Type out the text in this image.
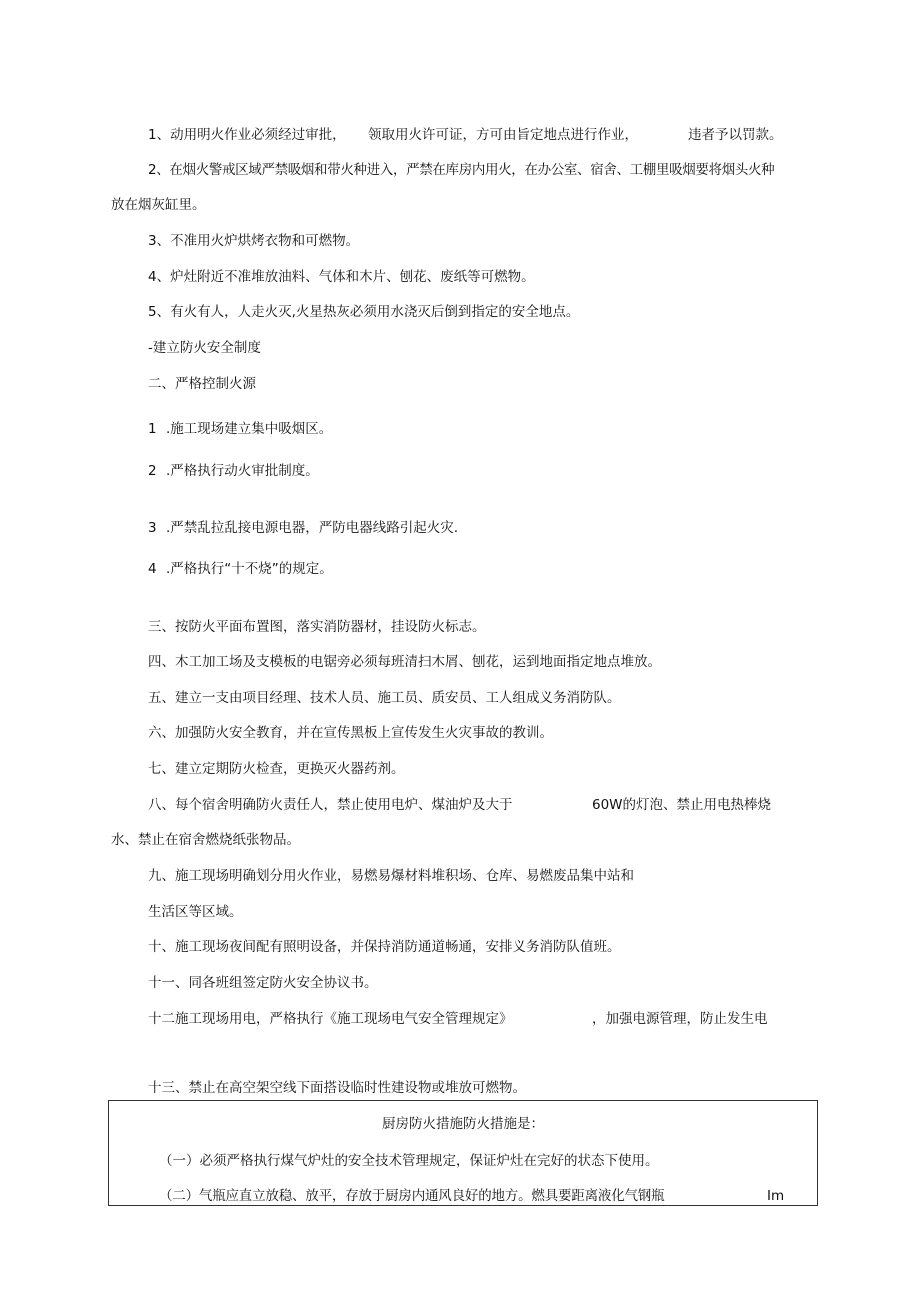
1、动用明火作业必须经过审批， 领取用火许可证，方可由旨定地点进行作业，	违者予以罚款。

2、在烟火警戒区域严禁吸烟和带火种进入，严禁在库房内用火，在办公室、宿舍、工棚里吸烟要将烟头火种

放在烟灰缸里。

3、不准用火炉烘烤衣物和可燃物。

4、炉灶附近不准堆放油料、气体和木片、刨花、废纸等可燃物。

5、有火有人，人走火灭,火星热灰必须用水浇灭后倒到指定的安全地点。

-建立防火安全制度

二、严格控制火源

1 .施工现场建立集中吸烟区。

2 .严格执行动火审批制度。

3 .严禁乱拉乱接电源电器，严防电器线路引起火灾.

4 .严格执行“十不烧”的规定。

三、按防火平面布置图，落实消防器材，挂设防火标志。

四、木工加工场及支模板的电锯旁必须每班清扫木屑、刨花，运到地面指定地点堆放。

五、建立一支由项目经理、技术人员、施工员、质安员、工人组成义务消防队。

六、加强防火安全教育，并在宣传黑板上宣传发生火灾事故的教训。

七、建立定期防火检查，更换灭火器药剂。

八、每个宿舍明确防火责任人，禁止使用电炉、煤油炉及大于	60W的灯泡、禁止用电热棒烧

水、禁止在宿舍燃烧纸张物品。

九、施工现场明确划分用火作业，易燃易爆材料堆积场、仓库、易燃废品集中站和

生活区等区域。

十、施工现场夜间配有照明设备，并保持消防通道畅通，安排义务消防队值班。

十一、同各班组签定防火安全协议书。

十二施工现场用电，严格执行《施工现场电气安全管理规定》	，加强电源管理，防止发生电

十三、禁止在高空架空线下面搭设临时性建设物或堆放可燃物。

厨房防火措施防火措施是：

（一）必须严格执行煤气炉灶的安全技术管理规定，保证炉灶在完好的状态下使用。

（二）气瓶应直立放稳、放平，存放于厨房内通风良好的地方。燃具要距离液化气钢瓶	Im
